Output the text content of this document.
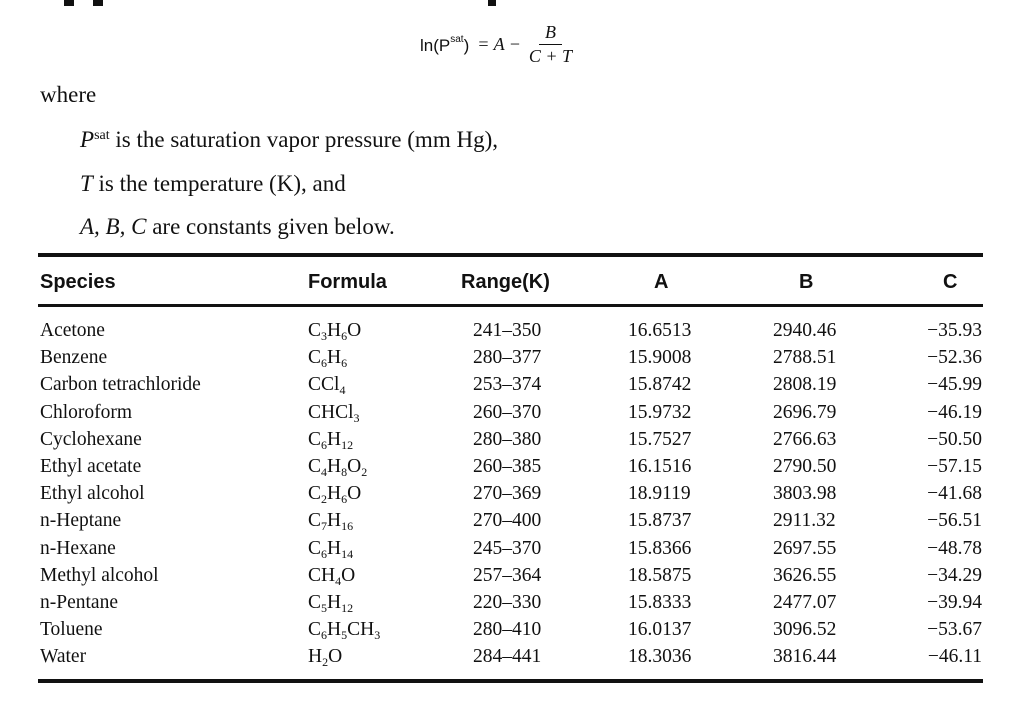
$\ln(P^{sat}) = A - \frac{B}{C + T}$
where
$P^{sat}$ is the saturation vapor pressure (mm Hg),
T is the temperature (K), and
A, B, C are constants given below.
Species	Formula	Range(K)	A	B	C
Acetone	$C_3H_6O$	241–350	16.6513	2940.46	−35.93
Benzene	$C_6H_6$	280–377	15.9008	2788.51	−52.36
Carbon tetrachloride	CCl$_4$	253–374	15.8742	2808.19	−45.99
Chloroform	CHCl$_3$	260–370	15.9732	2696.79	−46.19
Cyclohexane	$C_6H_{12}$	280–380	15.7527	2766.63	−50.50
Ethyl acetate	$C_4H_8O_2$	260–385	16.1516	2790.50	−57.15
Ethyl alcohol	$C_2H_6O$	270–369	18.9119	3803.98	−41.68
n-Heptane	$C_7H_{16}$	270–400	15.8737	2911.32	−56.51
n-Hexane	$C_6H_{14}$	245–370	15.8366	2697.55	−48.78
Methyl alcohol	$CH_4O$	257–364	18.5875	3626.55	−34.29
n-Pentane	$C_5H_{12}$	220–330	15.8333	2477.07	−39.94
Toluene	$C_6H_5CH_3$	280–410	16.0137	3096.52	−53.67
Water	$H_2O$	284–441	18.3036	3816.44	−46.11
